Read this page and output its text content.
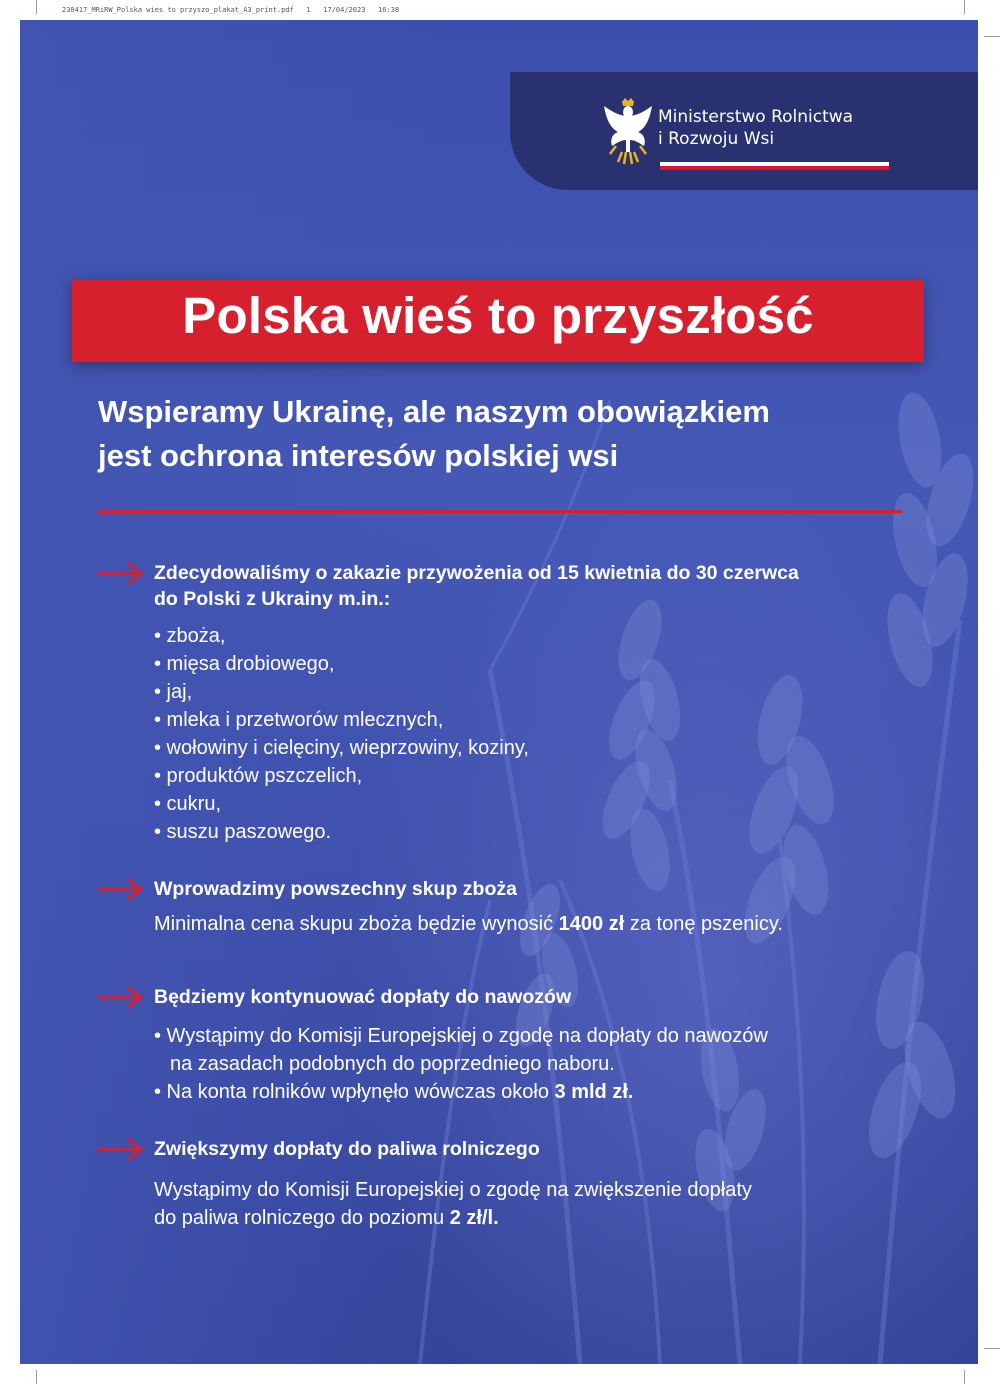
230417_MRiRW_Polska wies to przyszo_plakat_A3_print.pdf   1   17/04/2023   16:38
Ministerstwo Rolnictwa
i Rozwoju Wsi
Polska wieś to przyszłość
Wspieramy Ukrainę, ale naszym obowiązkiem
jest ochrona interesów polskiej wsi
Zdecydowaliśmy o zakazie przywożenia od 15 kwietnia do 30 czerwca
do Polski z Ukrainy m.in.:
• zboża,
• mięsa drobiowego,
• jaj,
• mleka i przetworów mlecznych,
• wołowiny i cielęciny, wieprzowiny, koziny,
• produktów pszczelich,
• cukru,
• suszu paszowego.
Wprowadzimy powszechny skup zboża
Minimalna cena skupu zboża będzie wynosić 1400 zł za tonę pszenicy.
Będziemy kontynuować dopłaty do nawozów
• Wystąpimy do Komisji Europejskiej o zgodę na dopłaty do nawozów
na zasadach podobnych do poprzedniego naboru.
• Na konta rolników wpłynęło wówczas około 3 mld zł.
Zwiększymy dopłaty do paliwa rolniczego
Wystąpimy do Komisji Europejskiej o zgodę na zwiększenie dopłaty
do paliwa rolniczego do poziomu 2 zł/l.
